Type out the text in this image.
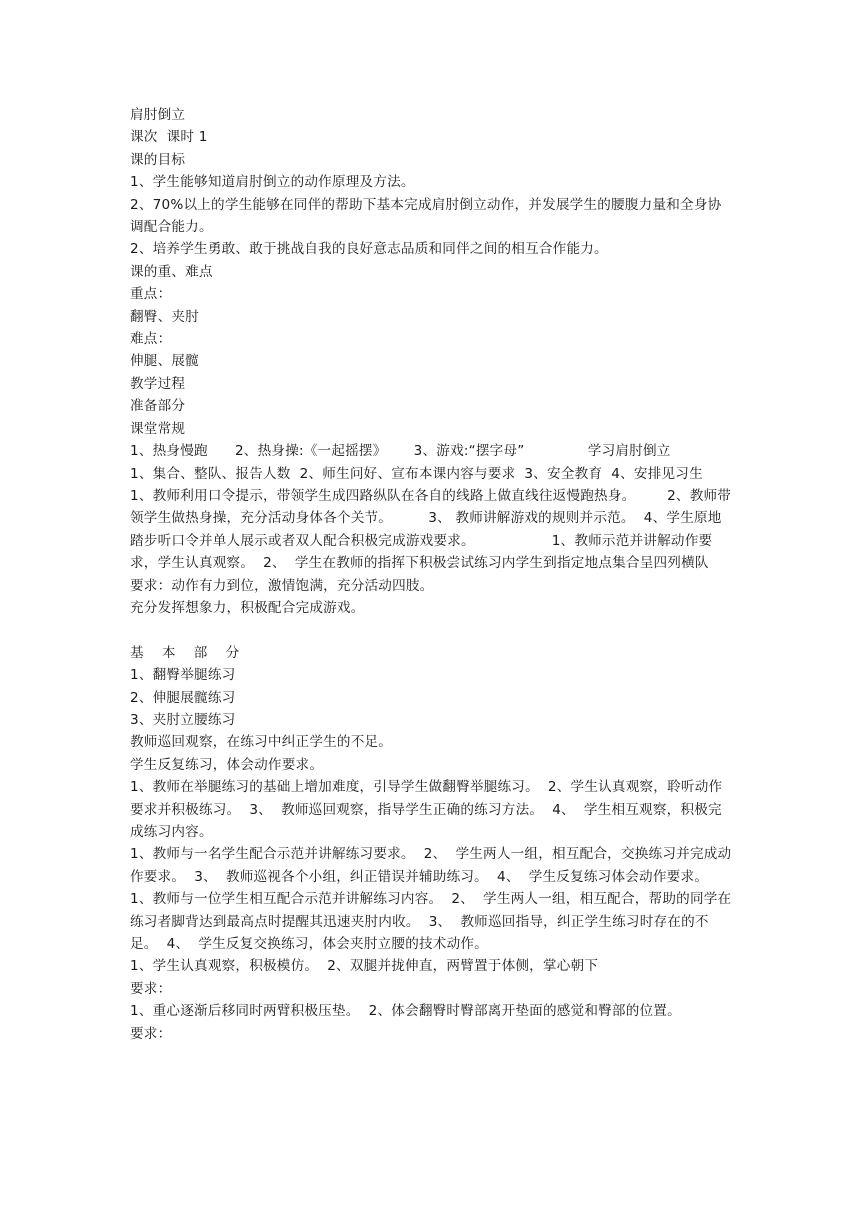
肩肘倒立
课次  课时 1
课的目标
1、学生能够知道肩肘倒立的动作原理及方法。
2、70%以上的学生能够在同伴的帮助下基本完成肩肘倒立动作，并发展学生的腰腹力量和全身协调配合能力。
2、培养学生勇敢、敢于挑战自我的良好意志品质和同伴之间的相互合作能力。
课的重、难点
重点：
翻臀、夹肘
难点：
伸腿、展髋
教学过程
准备部分
课堂常规
1、热身慢跑      2、热身操:《一起摇摆》      3、游戏:“摆字母”              学习肩肘倒立
1、集合、整队、报告人数  2、师生问好、宣布本课内容与要求  3、安全教育  4、安排见习生
1、教师利用口令提示，带领学生成四路纵队在各自的线路上做直线往返慢跑热身。       2、教师带领学生做热身操，充分活动身体各个关节。        3、 教师讲解游戏的规则并示范。  4、学生原地踏步听口令并单人展示或者双人配合积极完成游戏要求。                 1、教师示范并讲解动作要求，学生认真观察。  2、  学生在教师的指挥下积极尝试练习内学生到指定地点集合呈四列横队
要求：动作有力到位，激情饱满，充分活动四肢。
充分发挥想象力，积极配合完成游戏。
基    本    部    分
1、翻臀举腿练习
2、伸腿展髋练习
3、夹肘立腰练习
教师巡回观察，在练习中纠正学生的不足。
学生反复练习，体会动作要求。
1、教师在举腿练习的基础上增加难度，引导学生做翻臀举腿练习。  2、学生认真观察，聆听动作要求并积极练习。  3、  教师巡回观察，指导学生正确的练习方法。  4、  学生相互观察，积极完成练习内容。
1、教师与一名学生配合示范并讲解练习要求。  2、  学生两人一组，相互配合，交换练习并完成动作要求。  3、  教师巡视各个小组，纠正错误并辅助练习。  4、  学生反复练习体会动作要求。      1、教师与一位学生相互配合示范并讲解练习内容。  2、  学生两人一组，相互配合，帮助的同学在练习者脚背达到最高点时提醒其迅速夹肘内收。  3、  教师巡回指导，纠正学生练习时存在的不足。  4、  学生反复交换练习，体会夹肘立腰的技术动作。
1、学生认真观察，积极模仿。  2、双腿并拢伸直，两臂置于体侧，掌心朝下
要求：
1、重心逐渐后移同时两臂积极压垫。  2、体会翻臀时臀部离开垫面的感觉和臀部的位置。
要求：
